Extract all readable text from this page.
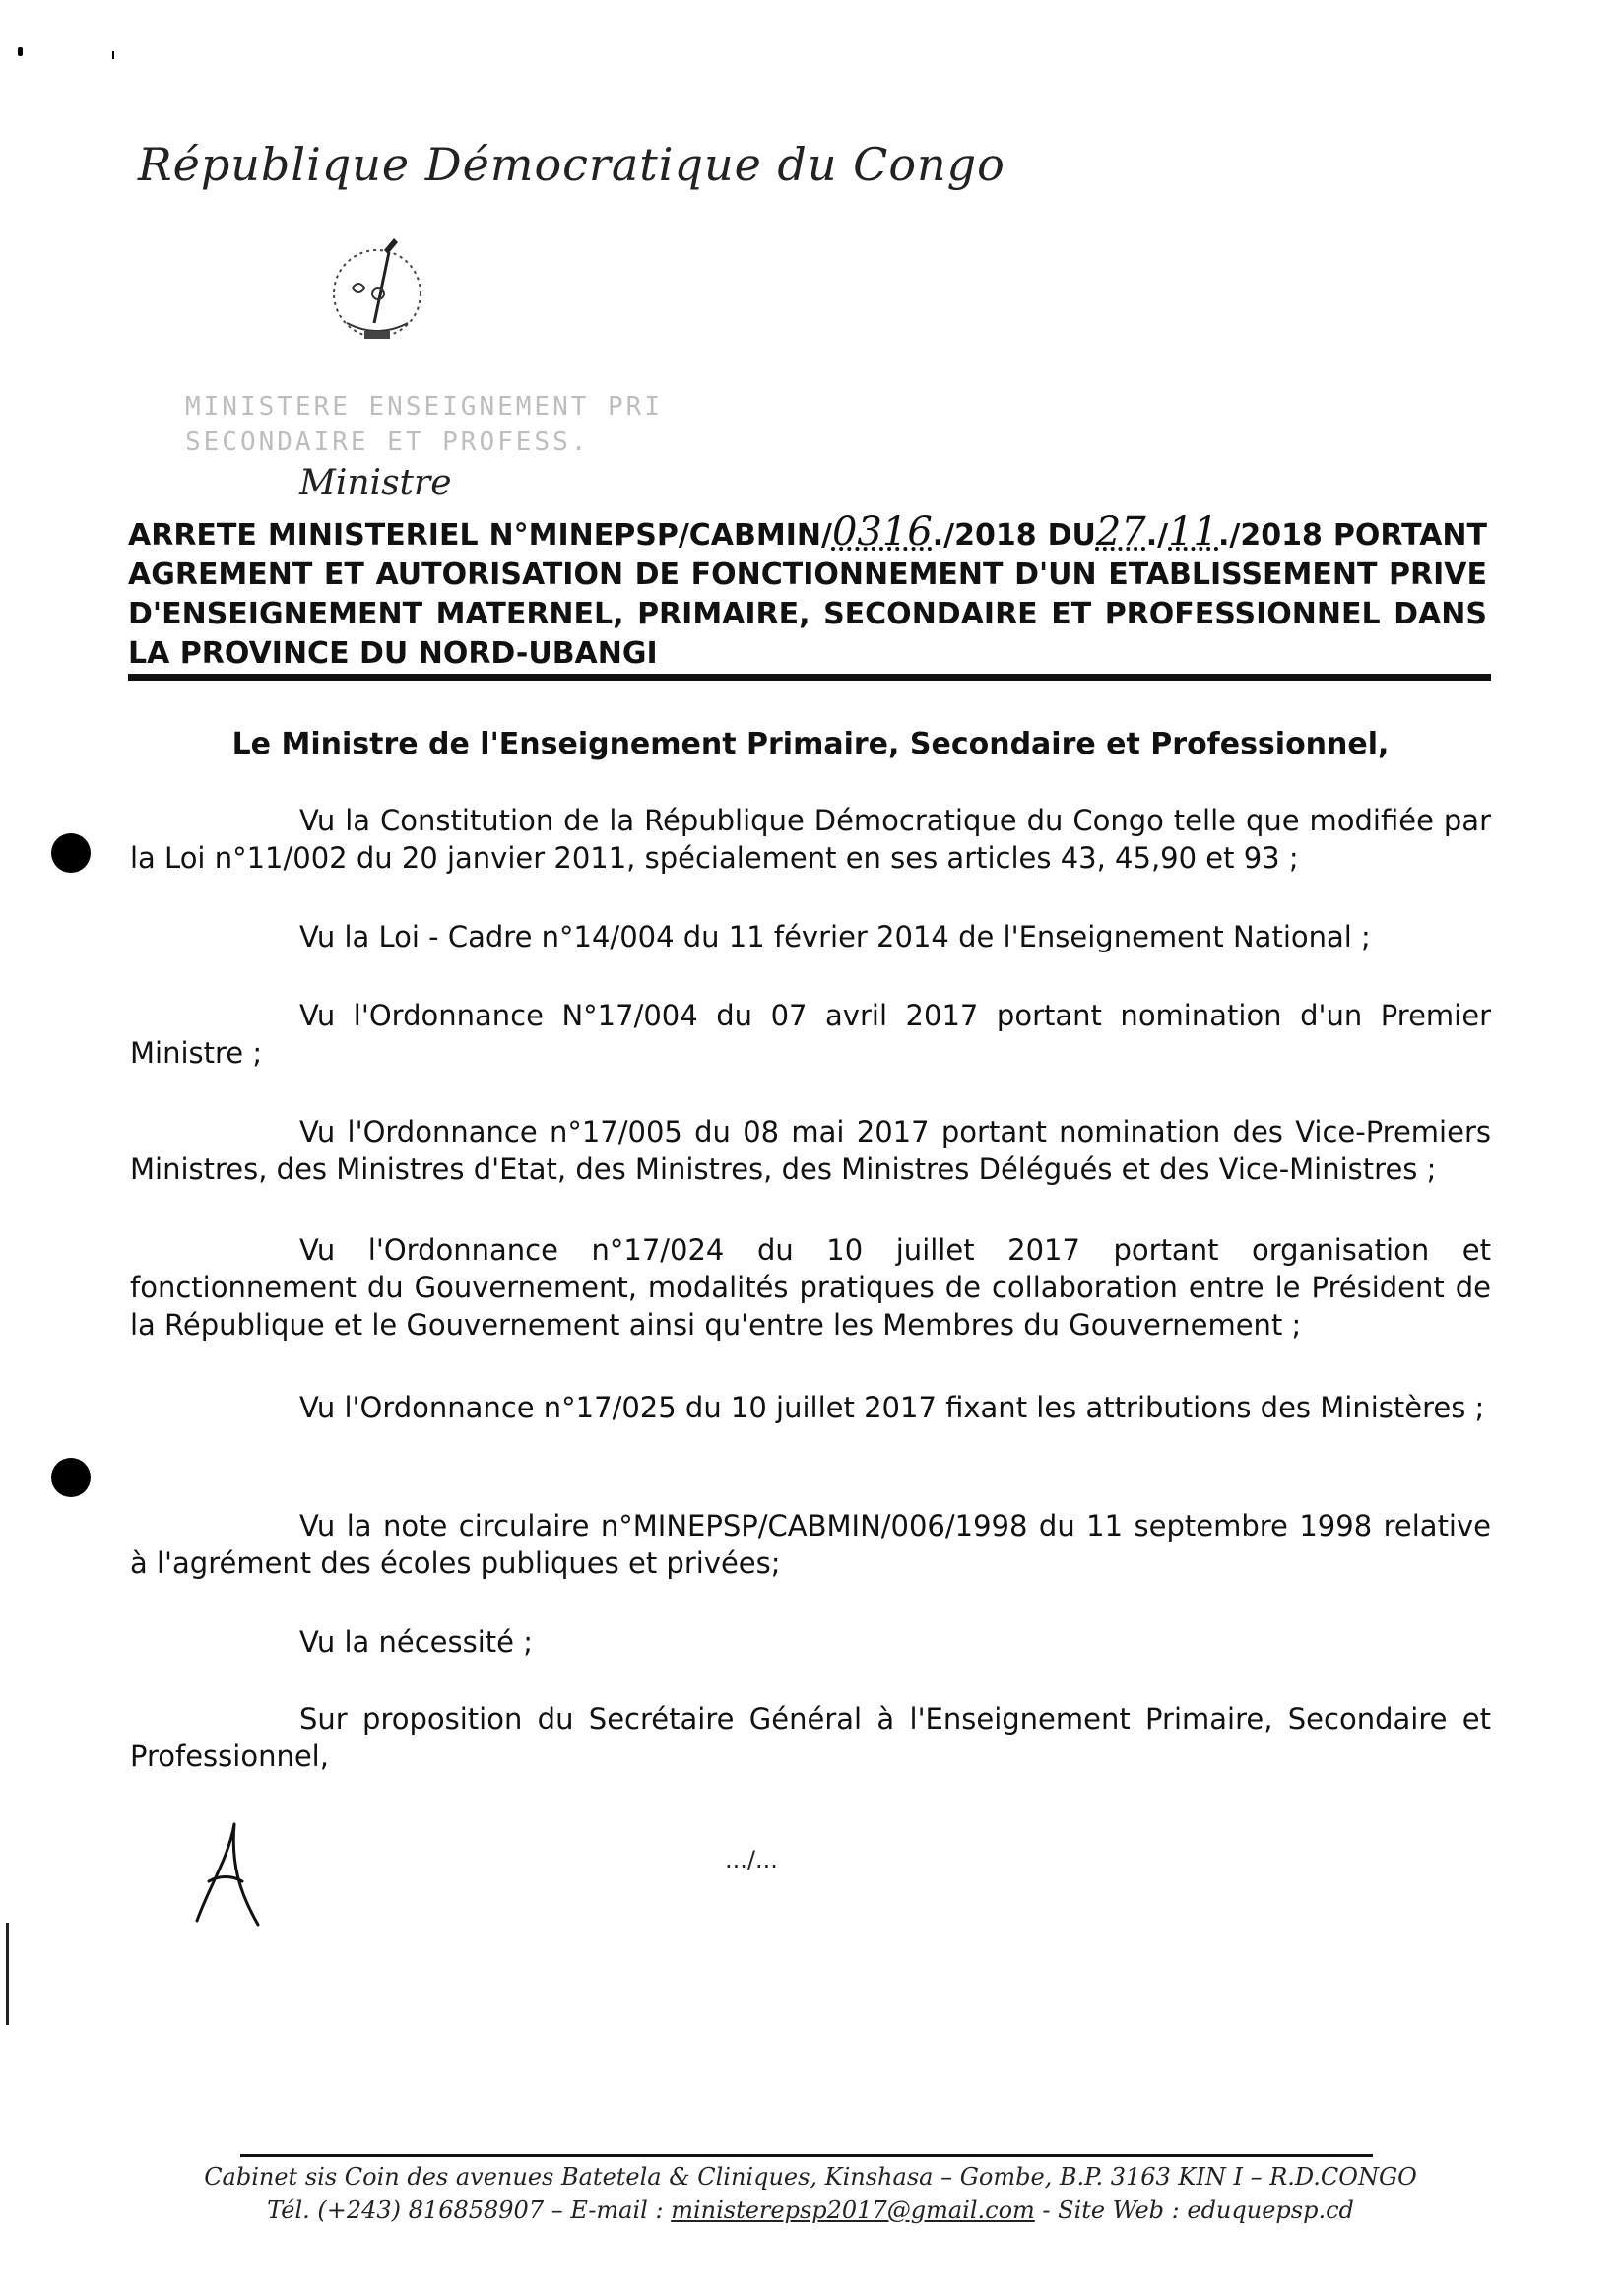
République Démocratique du Congo
MINISTERE ENSEIGNEMENT PRI
SECONDAIRE ET PROFESS.
Ministre
ARRETE MINISTERIEL N°MINEPSP/CABMIN/0316./2018 DU27./11./2018 PORTANT AGREMENT ET AUTORISATION DE FONCTIONNEMENT D'UN ETABLISSEMENT PRIVE D'ENSEIGNEMENT MATERNEL, PRIMAIRE, SECONDAIRE ET PROFESSIONNEL DANS LA PROVINCE DU NORD-UBANGI
Le Ministre de l'Enseignement Primaire, Secondaire et Professionnel,
Vu la Constitution de la République Démocratique du Congo telle que modifiée par la Loi n°11/002 du 20 janvier 2011, spécialement en ses articles 43, 45,90 et 93 ;
Vu la Loi - Cadre n°14/004 du 11 février 2014 de l'Enseignement National ;
Vu l'Ordonnance N°17/004 du 07 avril 2017 portant nomination d'un Premier Ministre ;
Vu l'Ordonnance n°17/005 du 08 mai 2017 portant nomination des Vice-Premiers Ministres, des Ministres d'Etat, des Ministres, des Ministres Délégués et des Vice-Ministres ;
Vu l'Ordonnance n°17/024 du 10 juillet 2017 portant organisation et fonctionnement du Gouvernement, modalités pratiques de collaboration entre le Président de la République et le Gouvernement ainsi qu'entre les Membres du Gouvernement ;
Vu l'Ordonnance n°17/025 du 10 juillet 2017 fixant les attributions des Ministères ;
Vu la note circulaire n°MINEPSP/CABMIN/006/1998 du 11 septembre 1998 relative à l'agrément des écoles publiques et privées;
Vu la nécessité ;
Sur proposition du Secrétaire Général à l'Enseignement Primaire, Secondaire et Professionnel,
.../...
Cabinet sis Coin des avenues Batetela & Cliniques, Kinshasa – Gombe, B.P. 3163 KIN I – R.D.CONGO
Tél. (+243) 816858907 – E-mail : ministerepsp2017@gmail.com - Site Web : eduquepsp.cd
